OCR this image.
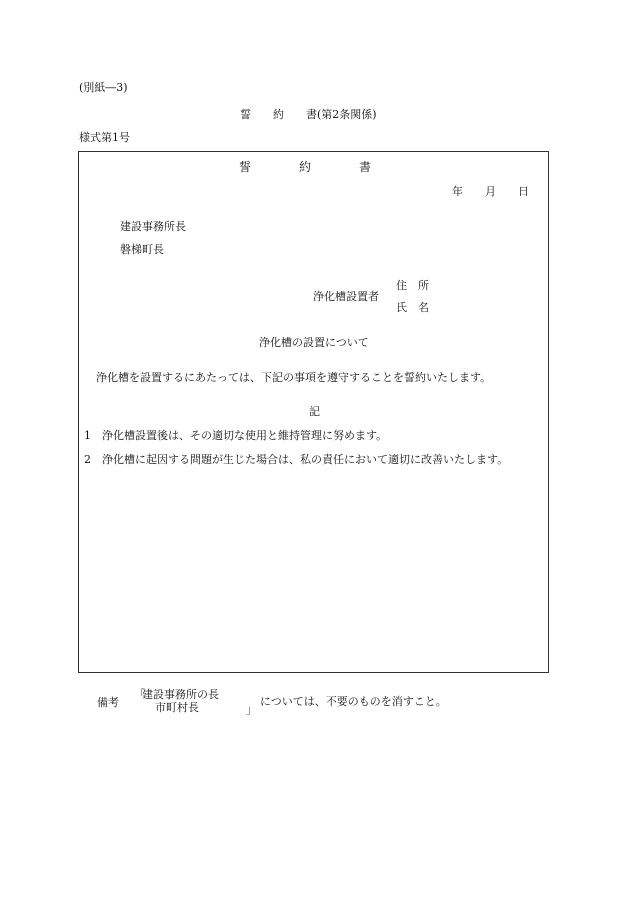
(別紙―3)
誓　　約　　書(第2条関係)
様式第1号
誓　　　　約　　　　書
年　　月　　日
建設事務所長
磐梯町長
浄化槽設置者
住　所
氏　名
浄化槽の設置について
浄化槽を設置するにあたっては、下記の事項を遵守することを誓約いたします。
記
1 浄化槽設置後は、その適切な使用と維持管理に努めます。
2 浄化槽に起因する問題が生じた場合は、私の責任において適切に改善いたします。
備考
「
建設事務所の長
市町村長	」
については、不要のものを消すこと。
